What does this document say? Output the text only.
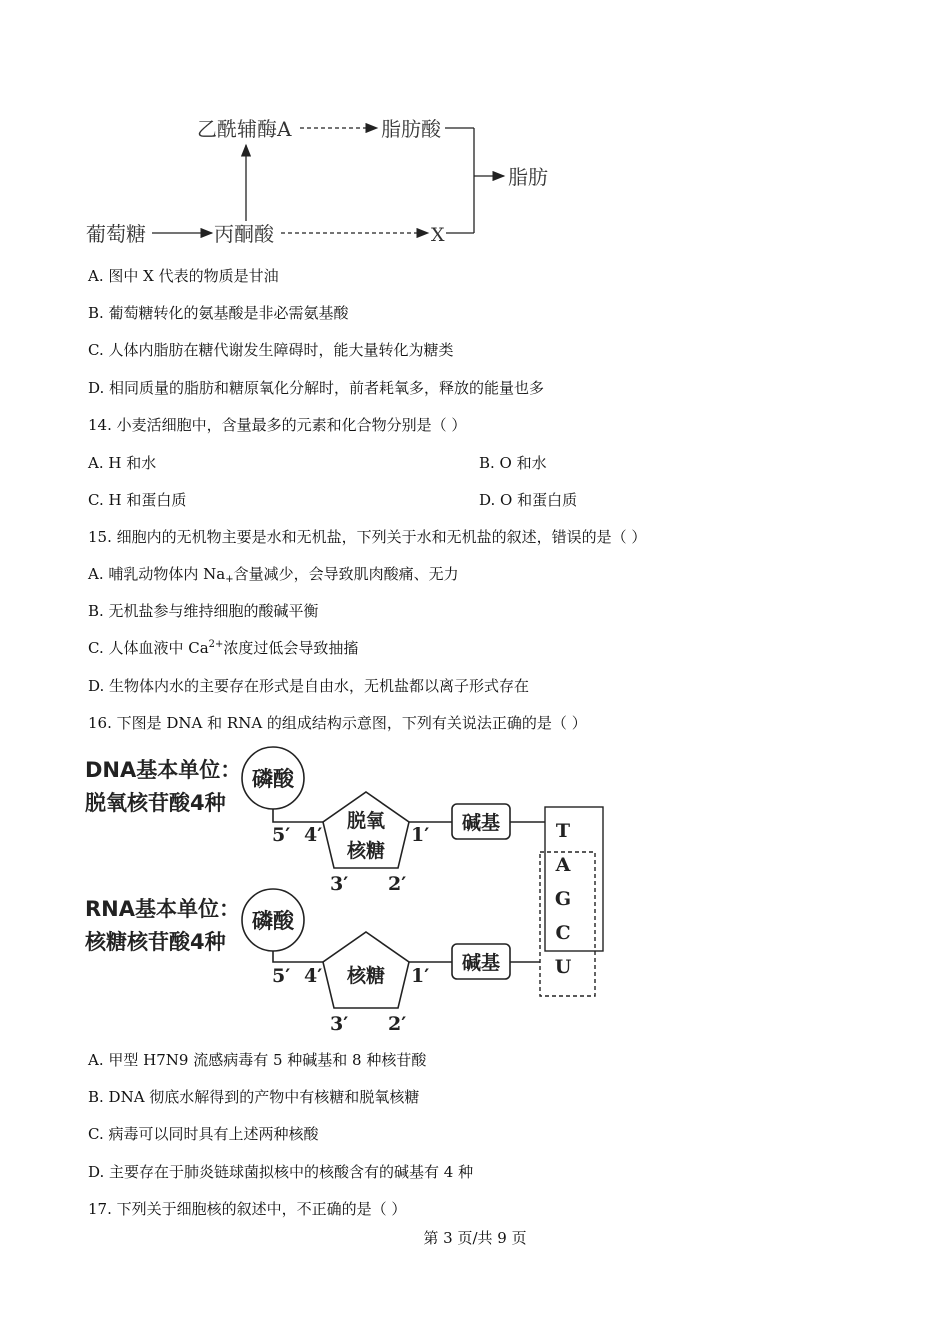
乙酰辅酶A	脂肪酸
脂肪
葡萄糖	丙酮酸	X
A. 图中 X 代表的物质是甘油
B. 葡萄糖转化的氨基酸是非必需氨基酸
C. 人体内脂肪在糖代谢发生障碍时，能大量转化为糖类
D. 相同质量的脂肪和糖原氧化分解时，前者耗氧多，释放的能量也多
14. 小麦活细胞中，含量最多的元素和化合物分别是（ ）
A. H 和水	B. O 和水
C. H 和蛋白质	D. O 和蛋白质
15. 细胞内的无机物主要是水和无机盐，下列关于水和无机盐的叙述，错误的是（ ）
A. 哺乳动物体内 $Na_+$含量减少，会导致肌肉酸痛、无力
B. 无机盐参与维持细胞的酸碱平衡
C. 人体血液中 $Ca^{2+}$浓度过低会导致抽搐
D. 生物体内水的主要存在形式是自由水，无机盐都以离子形式存在
16. 下图是 DNA 和 RNA 的组成结构示意图，下列有关说法正确的是（ ）
DNA基本单位：
脱氧核苷酸4种
磷酸
脱氧
核糖
5′ 4′
3′ 2′
1′
碱基
RNA基本单位：
核糖核苷酸4种
磷酸
核糖
5′ 4′
3′ 2′
1′
碱基
T
A
G
C
U
A. 甲型 H7N9 流感病毒有 5 种碱基和 8 种核苷酸
B. DNA 彻底水解得到的产物中有核糖和脱氧核糖
C. 病毒可以同时具有上述两种核酸
D. 主要存在于肺炎链球菌拟核中的核酸含有的碱基有 4 种
17. 下列关于细胞核的叙述中，不正确的是（ ）
第 3 页/共 9 页
